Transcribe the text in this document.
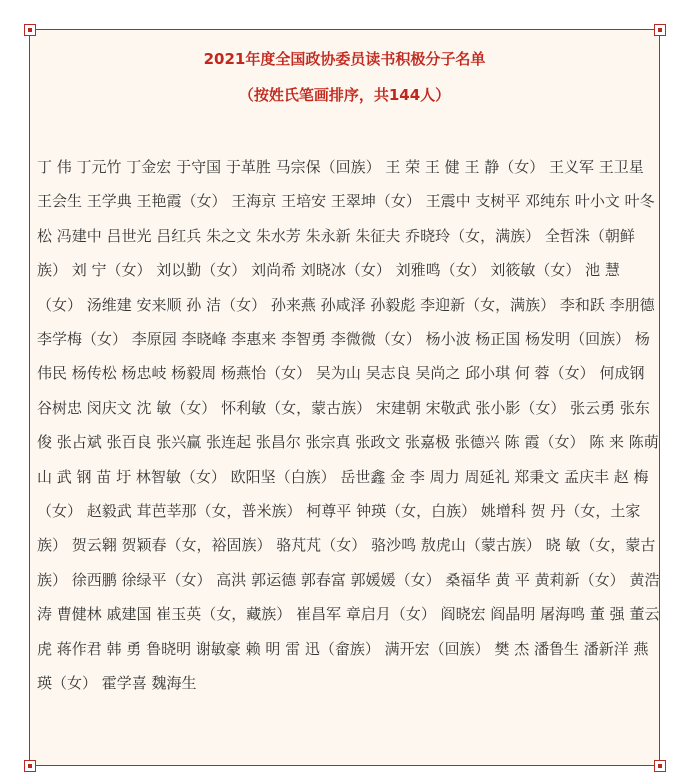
2021年度全国政协委员读书积极分子名单

（按姓氏笔画排序，共144人）

丁 伟 丁元竹 丁金宏 于守国 于革胜 马宗保（回族） 王 荣 王 健 王 静（女） 王义军 王卫星 王会生 王学典 王艳霞（女） 王海京 王培安 王翠坤（女） 王震中 支树平 邓纯东 叶小文 叶冬松 冯建中 吕世光 吕红兵 朱之文 朱水芳 朱永新 朱征夫 乔晓玲（女，满族） 全哲洙（朝鲜族） 刘 宁（女） 刘以勤（女） 刘尚希 刘晓冰（女） 刘雅鸣（女） 刘筱敏（女） 池 慧（女） 汤维建 安来顺 孙 洁（女） 孙来燕 孙咸泽 孙毅彪 李迎新（女，满族） 李和跃 李朋德 李学梅（女） 李原园 李晓峰 李惠来 李智勇 李微微（女） 杨小波 杨正国 杨发明（回族） 杨伟民 杨传松 杨忠岐 杨毅周 杨燕怡（女） 吴为山 吴志良 吴尚之 邱小琪 何 蓉（女） 何成钢 谷树忠 闵庆文 沈 敏（女） 怀利敏（女，蒙古族） 宋建朝 宋敬武 张小影（女） 张云勇 张东俊 张占斌 张百良 张兴赢 张连起 张昌尔 张宗真 张政文 张嘉极 张德兴 陈 霞（女） 陈 来 陈萌山 武 钢 苗 圩 林智敏（女） 欧阳坚（白族） 岳世鑫 金 李 周力 周延礼 郑秉文 孟庆丰 赵 梅（女） 赵毅武 茸芭莘那（女，普米族） 柯尊平 钟瑛（女，白族） 姚增科 贺 丹（女，土家族） 贺云翱 贺颖春（女，裕固族） 骆芃芃（女） 骆沙鸣 敖虎山（蒙古族） 晓 敏（女，蒙古族） 徐西鹏 徐绿平（女） 高洪 郭运德 郭春富 郭媛媛（女） 桑福华 黄 平 黄莉新（女） 黄浩涛 曹健林 戚建国 崔玉英（女，藏族） 崔昌军 章启月（女） 阎晓宏 阎晶明 屠海鸣 董 强 董云虎 蒋作君 韩 勇 鲁晓明 谢敏豪 赖 明 雷 迅（畲族） 满开宏（回族） 樊 杰 潘鲁生 潘新洋 燕 瑛（女） 霍学喜 魏海生
